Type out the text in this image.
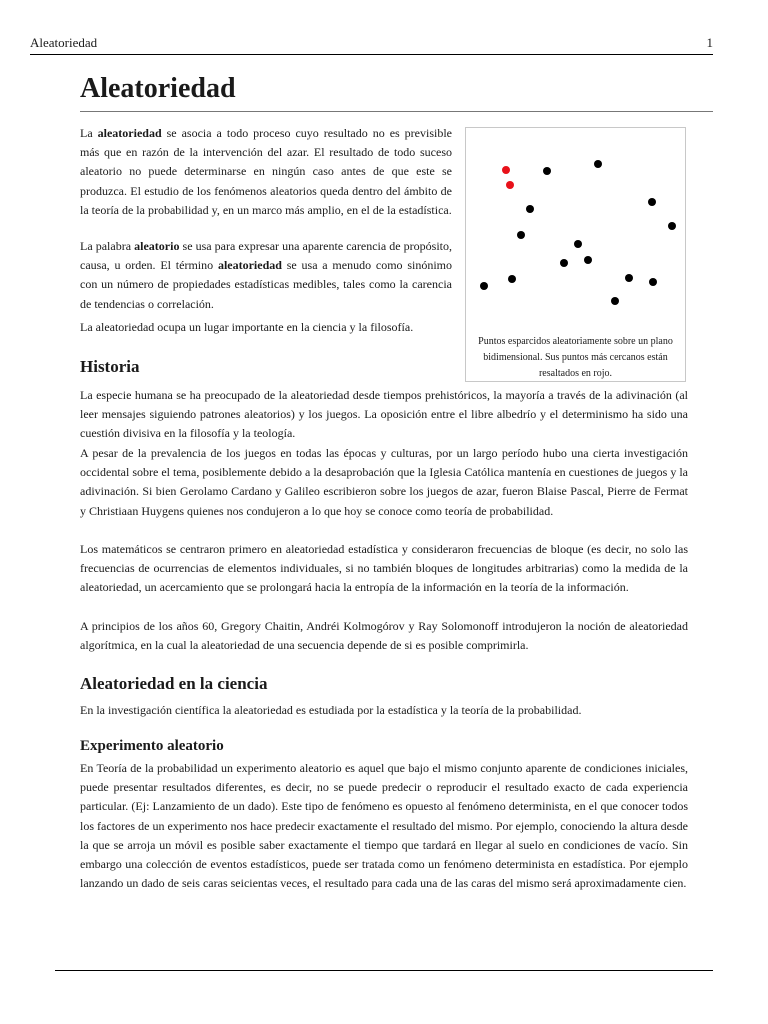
Aleatoriedad	1
Aleatoriedad

La aleatoriedad se asocia a todo proceso cuyo resultado no es previsible más que en razón de la intervención del azar. El resultado de todo suceso aleatorio no puede determinarse en ningún caso antes de que este se produzca. El estudio de los fenómenos aleatorios queda dentro del ámbito de la teoría de la probabilidad y, en un marco más amplio, en el de la estadística.

La palabra aleatorio se usa para expresar una aparente carencia de propósito, causa, u orden. El término aleatoriedad se usa a menudo como sinónimo con un número de propiedades estadísticas medibles, tales como la carencia de tendencias o correlación.

La aleatoriedad ocupa un lugar importante en la ciencia y la filosofía.

Puntos esparcidos aleatoriamente sobre un plano bidimensional. Sus puntos más cercanos están resaltados en rojo.

Historia

La especie humana se ha preocupado de la aleatoriedad desde tiempos prehistóricos, la mayoría a través de la adivinación (al leer mensajes siguiendo patrones aleatorios) y los juegos. La oposición entre el libre albedrío y el determinismo ha sido una cuestión divisiva en la filosofía y la teología.

A pesar de la prevalencia de los juegos en todas las épocas y culturas, por un largo período hubo una cierta investigación occidental sobre el tema, posiblemente debido a la desaprobación que la Iglesia Católica mantenía en cuestiones de juegos y la adivinación. Si bien Gerolamo Cardano y Galileo escribieron sobre los juegos de azar, fueron Blaise Pascal, Pierre de Fermat y Christiaan Huygens quienes nos condujeron a lo que hoy se conoce como teoría de probabilidad.

Los matemáticos se centraron primero en aleatoriedad estadística y consideraron frecuencias de bloque (es decir, no solo las frecuencias de ocurrencias de elementos individuales, si no también bloques de longitudes arbitrarias) como la medida de la aleatoriedad, un acercamiento que se prolongará hacia la entropía de la información en la teoría de la información.

A principios de los años 60, Gregory Chaitin, Andréi Kolmogórov y Ray Solomonoff introdujeron la noción de aleatoriedad algorítmica, en la cual la aleatoriedad de una secuencia depende de si es posible comprimirla.

Aleatoriedad en la ciencia

En la investigación científica la aleatoriedad es estudiada por la estadística y la teoría de la probabilidad.

Experimento aleatorio

En Teoría de la probabilidad un experimento aleatorio es aquel que bajo el mismo conjunto aparente de condiciones iniciales, puede presentar resultados diferentes, es decir, no se puede predecir o reproducir el resultado exacto de cada experiencia particular. (Ej: Lanzamiento de un dado). Este tipo de fenómeno es opuesto al fenómeno determinista, en el que conocer todos los factores de un experimento nos hace predecir exactamente el resultado del mismo. Por ejemplo, conociendo la altura desde la que se arroja un móvil es posible saber exactamente el tiempo que tardará en llegar al suelo en condiciones de vacío. Sin embargo una colección de eventos estadísticos, puede ser tratada como un fenómeno determinista en estadística. Por ejemplo lanzando un dado de seis caras seicientas veces, el resultado para cada una de las caras del mismo será aproximadamente cien.
